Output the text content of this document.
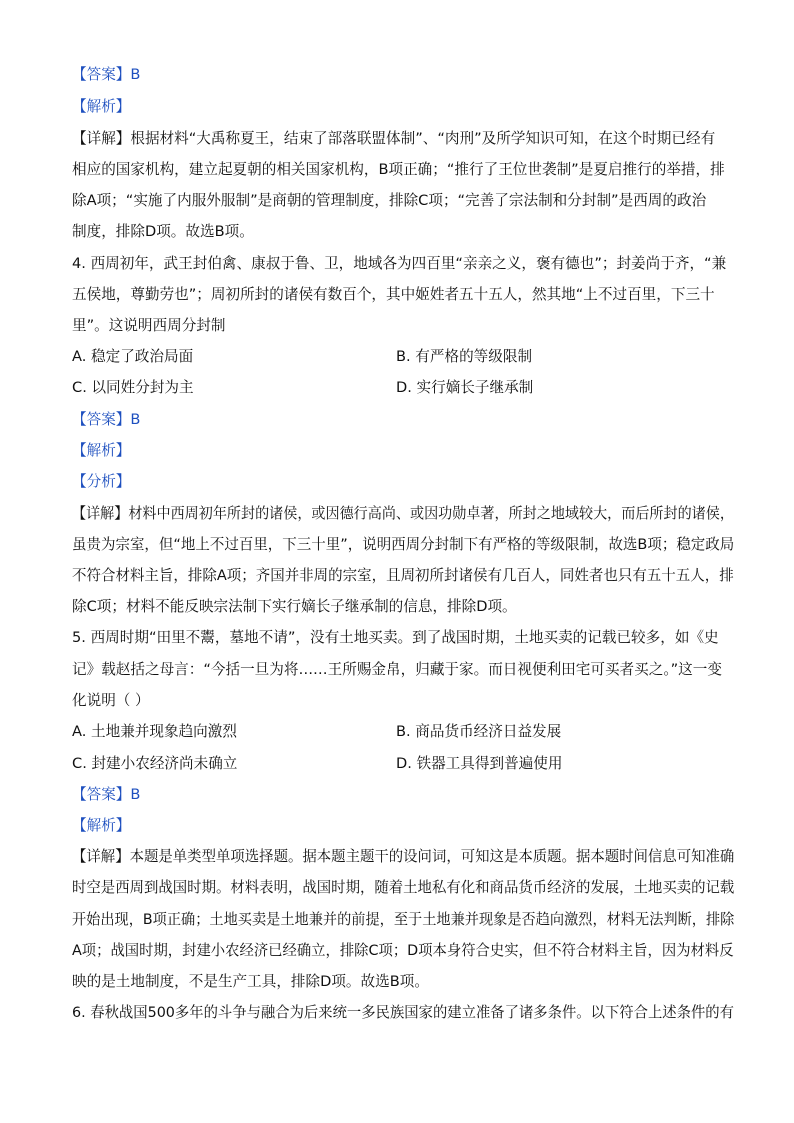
【答案】B
【解析】
【详解】根据材料“大禹称夏王，结束了部落联盟体制”、“肉刑”及所学知识可知，在这个时期已经有
相应的国家机构，建立起夏朝的相关国家机构，B项正确；“推行了王位世袭制”是夏启推行的举措，排
除A项；“实施了内服外服制”是商朝的管理制度，排除C项；“完善了宗法制和分封制”是西周的政治
制度，排除D项。故选B项。
4. 西周初年，武王封伯禽、康叔于鲁、卫，地域各为四百里“亲亲之义，褒有德也”；封姜尚于齐，“兼
五侯地，尊勤劳也”；周初所封的诸侯有数百个，其中姬姓者五十五人，然其地“上不过百里，下三十
里”。这说明西周分封制
A. 稳定了政治局面	B. 有严格的等级限制
C. 以同姓分封为主	D. 实行嫡长子继承制
【答案】B
【解析】
【分析】
【详解】材料中西周初年所封的诸侯，或因德行高尚、或因功勋卓著，所封之地域较大，而后所封的诸侯，
虽贵为宗室，但“地上不过百里，下三十里”，说明西周分封制下有严格的等级限制，故选B项；稳定政局
不符合材料主旨，排除A项；齐国并非周的宗室，且周初所封诸侯有几百人，同姓者也只有五十五人，排
除C项；材料不能反映宗法制下实行嫡长子继承制的信息，排除D项。
5. 西周时期“田里不鬻，墓地不请”，没有土地买卖。到了战国时期，土地买卖的记载已较多，如《史
记》载赵括之母言：“今括一旦为将……王所赐金帛，归藏于家。而日视便利田宅可买者买之。”这一变
化说明（ ）
A. 土地兼并现象趋向激烈	B. 商品货币经济日益发展
C. 封建小农经济尚未确立	D. 铁器工具得到普遍使用
【答案】B
【解析】
【详解】本题是单类型单项选择题。据本题主题干的设问词，可知这是本质题。据本题时间信息可知准确
时空是西周到战国时期。材料表明，战国时期，随着土地私有化和商品货币经济的发展，土地买卖的记载
开始出现，B项正确；土地买卖是土地兼并的前提，至于土地兼并现象是否趋向激烈，材料无法判断，排除
A项；战国时期，封建小农经济已经确立，排除C项；D项本身符合史实，但不符合材料主旨，因为材料反
映的是土地制度，不是生产工具，排除D项。故选B项。
6. 春秋战国500多年的斗争与融合为后来统一多民族国家的建立准备了诸多条件。以下符合上述条件的有
